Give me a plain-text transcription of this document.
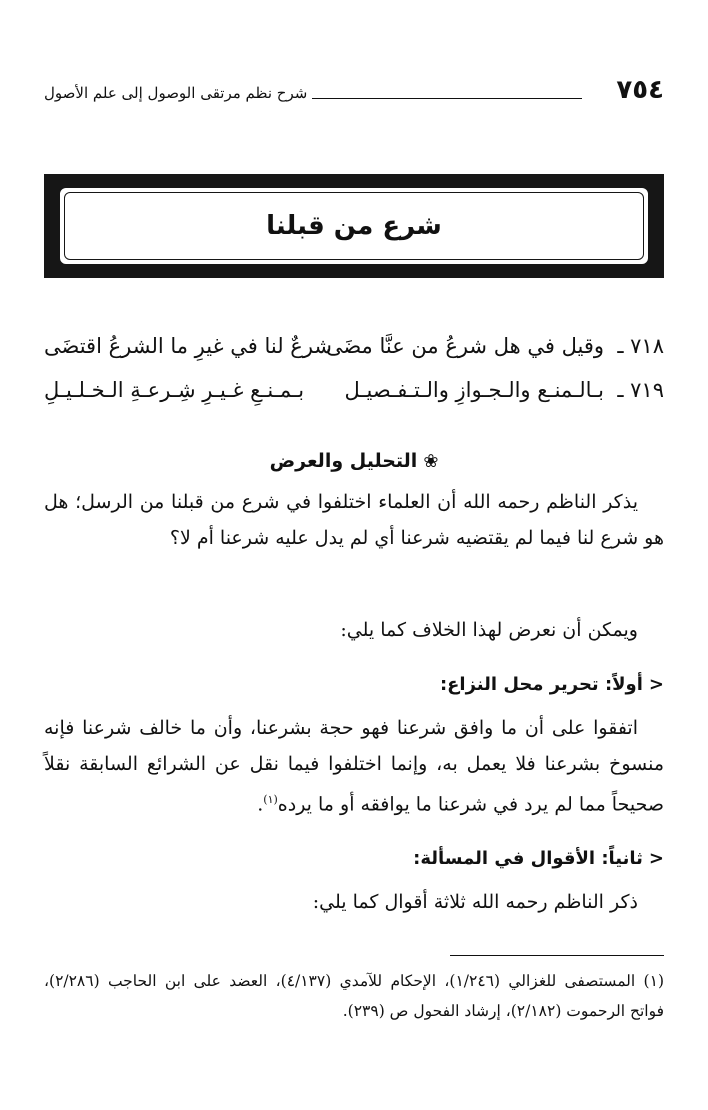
٧٥٤
شرح نظم مرتقى الوصول إلى علم الأصول
شرع من قبلنا
٧١٨ ـ
وقيل في هل شرعُ من عنَّا مضَى
شرعٌ لنا في غيرِ ما الشرعُ اقتضَى
٧١٩ ـ
بـالـمنـع والـجـوازِ والـتـفـصيـل
بـمـنـعِ غـيـرِ شِـرعـةِ الـخـلـيـلِ
❀التحليل والعرض
يذكر الناظم رحمه الله أن العلماء اختلفوا في شرع من قبلنا من الرسل؛ هل هو شرع لنا فيما لم يقتضيه شرعنا أي لم يدل عليه شرعنا أم لا؟
ويمكن أن نعرض لهذا الخلاف كما يلي:
<أولاً: تحرير محل النزاع:
اتفقوا على أن ما وافق شرعنا فهو حجة بشرعنا، وأن ما خالف شرعنا فإنه منسوخ بشرعنا فلا يعمل به، وإنما اختلفوا فيما نقل عن الشرائع السابقة نقلاً صحيحاً مما لم يرد في شرعنا ما يوافقه أو ما يرده$^{(١)}$.
<ثانياً: الأقوال في المسألة:
ذكر الناظم رحمه الله ثلاثة أقوال كما يلي:
(١) المستصفى للغزالي (١/٢٤٦)، الإحكام للآمدي (٤/١٣٧)، العضد على ابن الحاجب (٢/٢٨٦)، فواتح الرحموت (٢/١٨٢)، إرشاد الفحول ص (٢٣٩).
